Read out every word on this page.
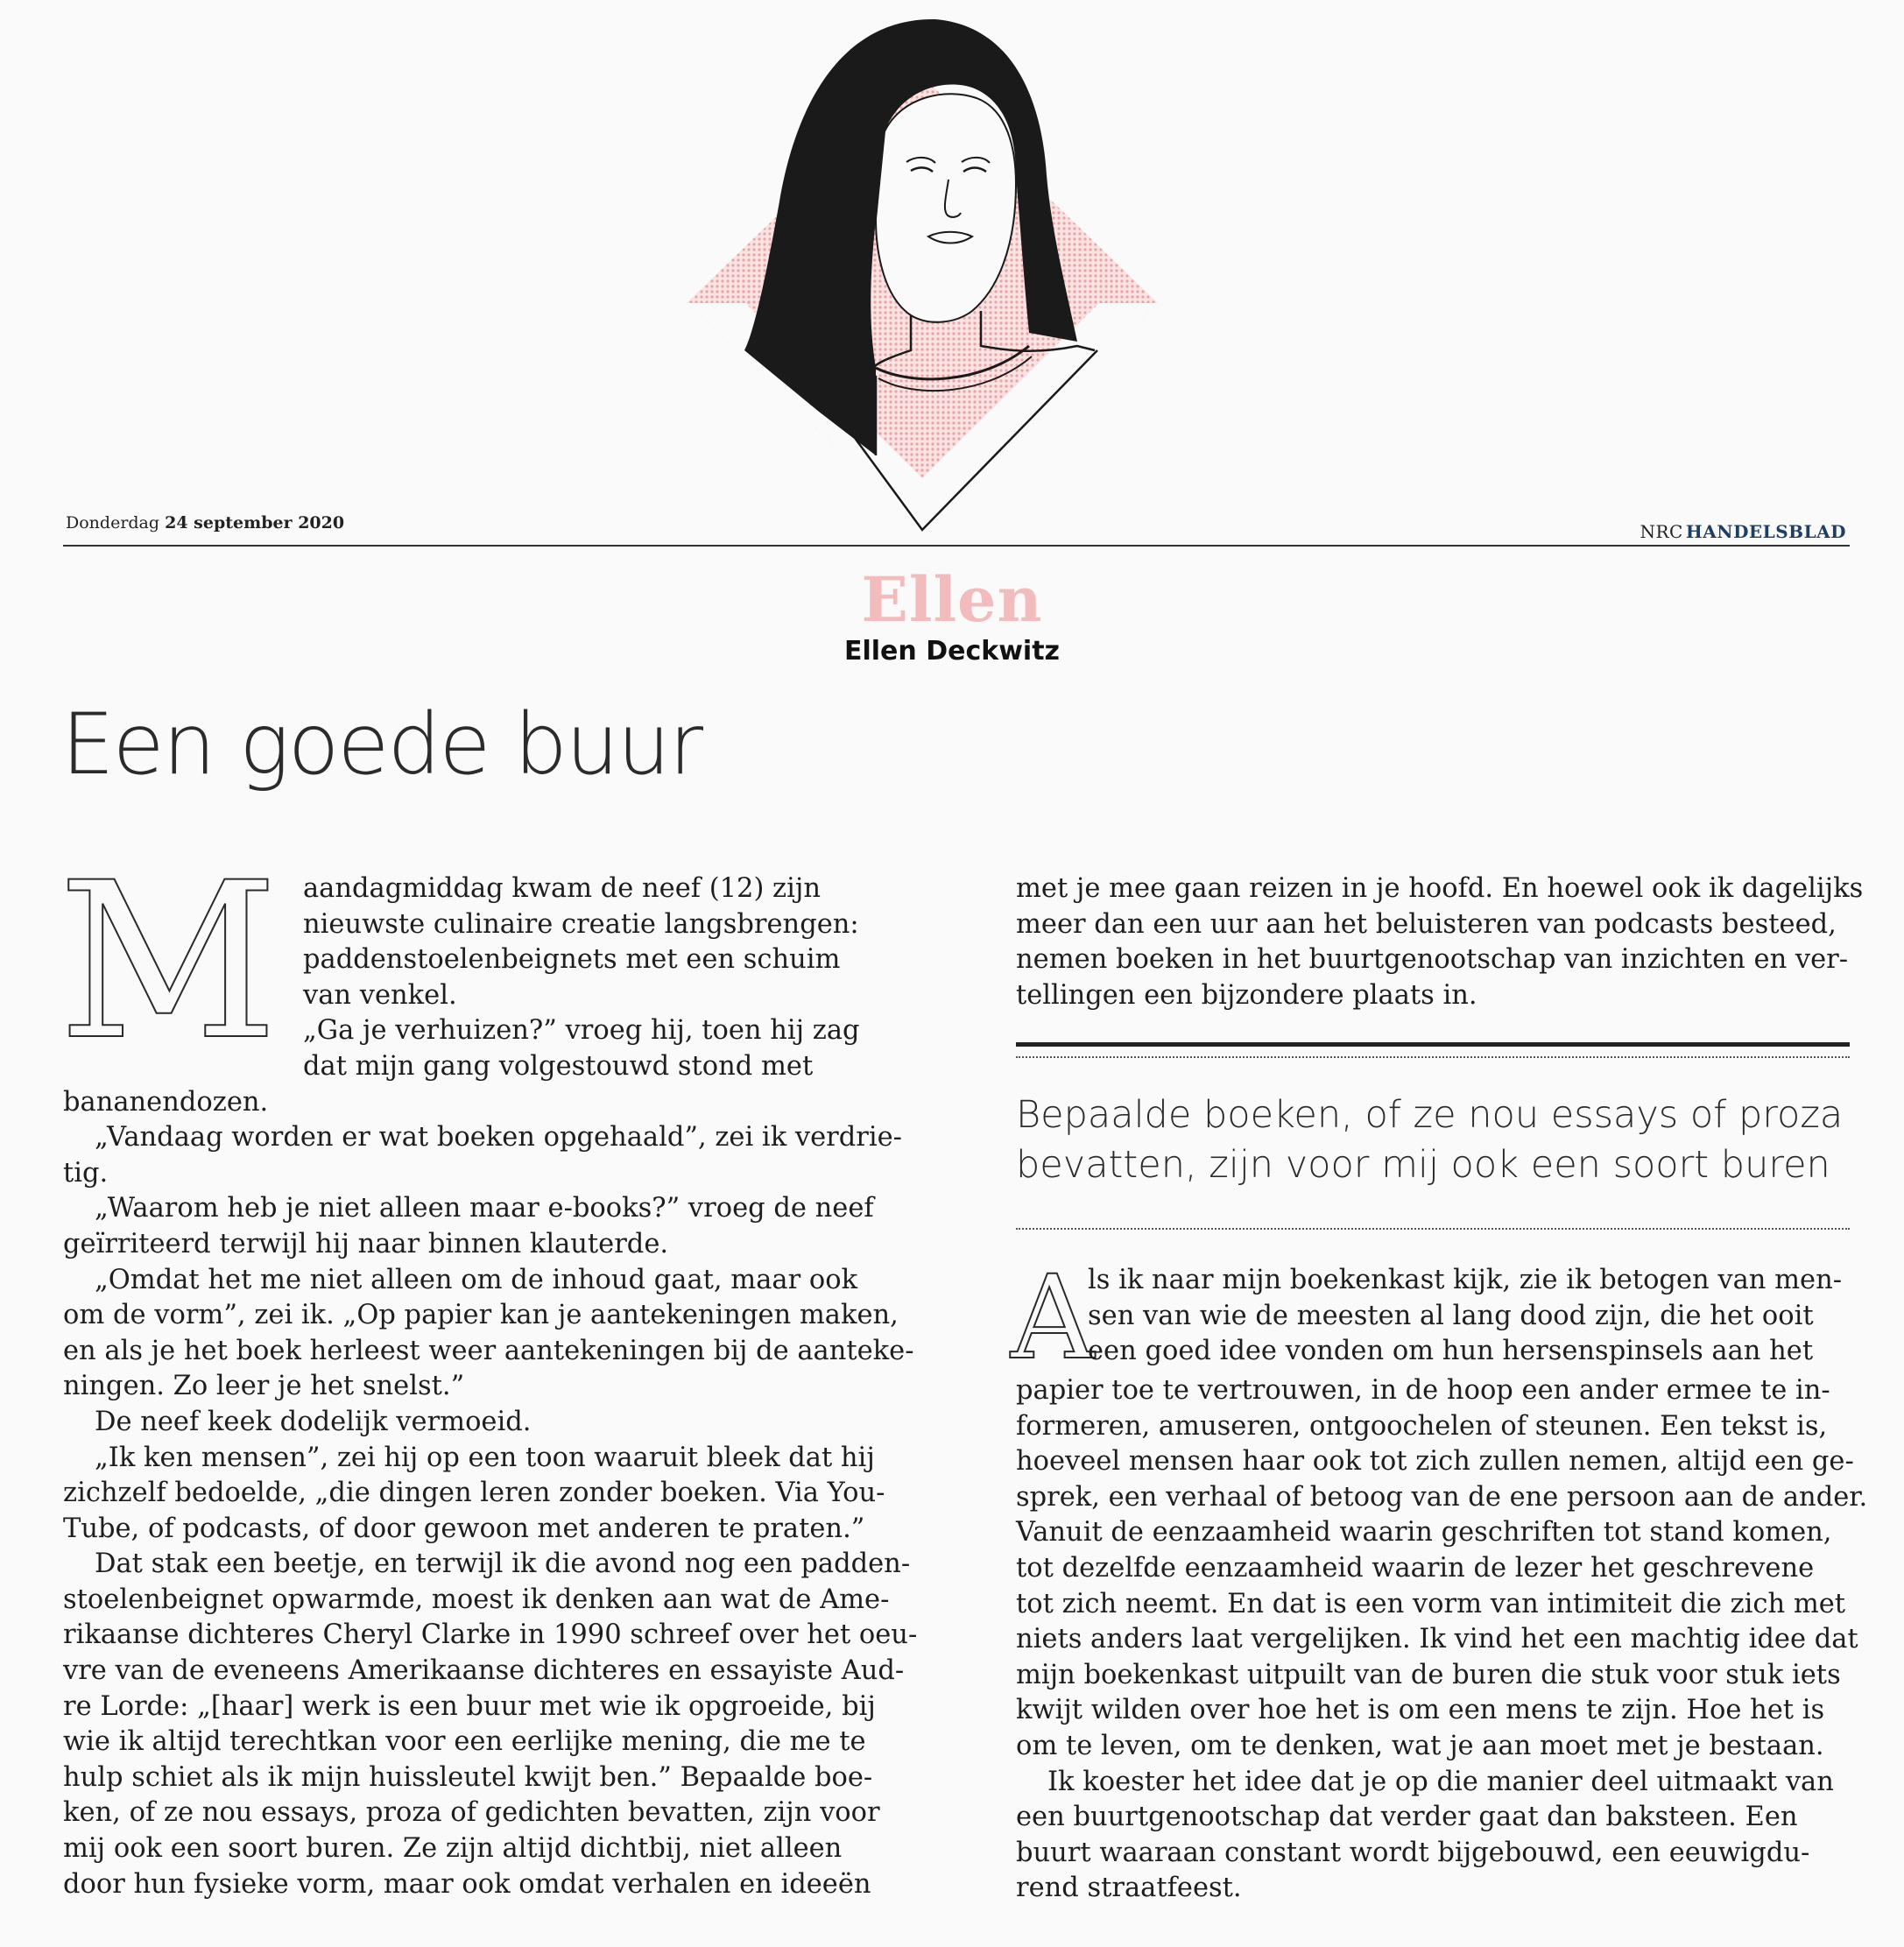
Donderdag 24 september 2020	NRC HANDELSBLAD
Ellen
Ellen Deckwitz
Een goede buur
M aandagmiddag kwam de neef (12) zijn
nieuwste culinaire creatie langsbrengen:
paddenstoelenbeignets met een schuim
van venkel.
„Ga je verhuizen?” vroeg hij, toen hij zag
dat mijn gang volgestouwd stond met
bananendozen.
„Vandaag worden er wat boeken opgehaald”, zei ik verdrie-
tig.
„Waarom heb je niet alleen maar e-books?” vroeg de neef
geïrriteerd terwijl hij naar binnen klauterde.
„Omdat het me niet alleen om de inhoud gaat, maar ook
om de vorm”, zei ik. „Op papier kan je aantekeningen maken,
en als je het boek herleest weer aantekeningen bij de aanteke-
ningen. Zo leer je het snelst.”
De neef keek dodelijk vermoeid.
„Ik ken mensen”, zei hij op een toon waaruit bleek dat hij
zichzelf bedoelde, „die dingen leren zonder boeken. Via You-
Tube, of podcasts, of door gewoon met anderen te praten.”
Dat stak een beetje, en terwijl ik die avond nog een padden-
stoelenbeignet opwarmde, moest ik denken aan wat de Ame-
rikaanse dichteres Cheryl Clarke in 1990 schreef over het oeu-
vre van de eveneens Amerikaanse dichteres en essayiste Aud-
re Lorde: „[haar] werk is een buur met wie ik opgroeide, bij
wie ik altijd terechtkan voor een eerlijke mening, die me te
hulp schiet als ik mijn huissleutel kwijt ben.” Bepaalde boe-
ken, of ze nou essays, proza of gedichten bevatten, zijn voor
mij ook een soort buren. Ze zijn altijd dichtbij, niet alleen
door hun fysieke vorm, maar ook omdat verhalen en ideeën
met je mee gaan reizen in je hoofd. En hoewel ook ik dagelijks
meer dan een uur aan het beluisteren van podcasts besteed,
nemen boeken in het buurtgenootschap van inzichten en ver-
tellingen een bijzondere plaats in.
Bepaalde boeken, of ze nou essays of proza
bevatten, zijn voor mij ook een soort buren
A
ls ik naar mijn boekenkast kijk, zie ik betogen van men-
sen van wie de meesten al lang dood zijn, die het ooit
een goed idee vonden om hun hersenspinsels aan het
papier toe te vertrouwen, in de hoop een ander ermee te in-
formeren, amuseren, ontgoochelen of steunen. Een tekst is,
hoeveel mensen haar ook tot zich zullen nemen, altijd een ge-
sprek, een verhaal of betoog van de ene persoon aan de ander.
Vanuit de eenzaamheid waarin geschriften tot stand komen,
tot dezelfde eenzaamheid waarin de lezer het geschrevene
tot zich neemt. En dat is een vorm van intimiteit die zich met
niets anders laat vergelijken. Ik vind het een machtig idee dat
mijn boekenkast uitpuilt van de buren die stuk voor stuk iets
kwijt wilden over hoe het is om een mens te zijn. Hoe het is
om te leven, om te denken, wat je aan moet met je bestaan.
Ik koester het idee dat je op die manier deel uitmaakt van
een buurtgenootschap dat verder gaat dan baksteen. Een
buurt waaraan constant wordt bijgebouwd, een eeuwigdu-
rend straatfeest.
